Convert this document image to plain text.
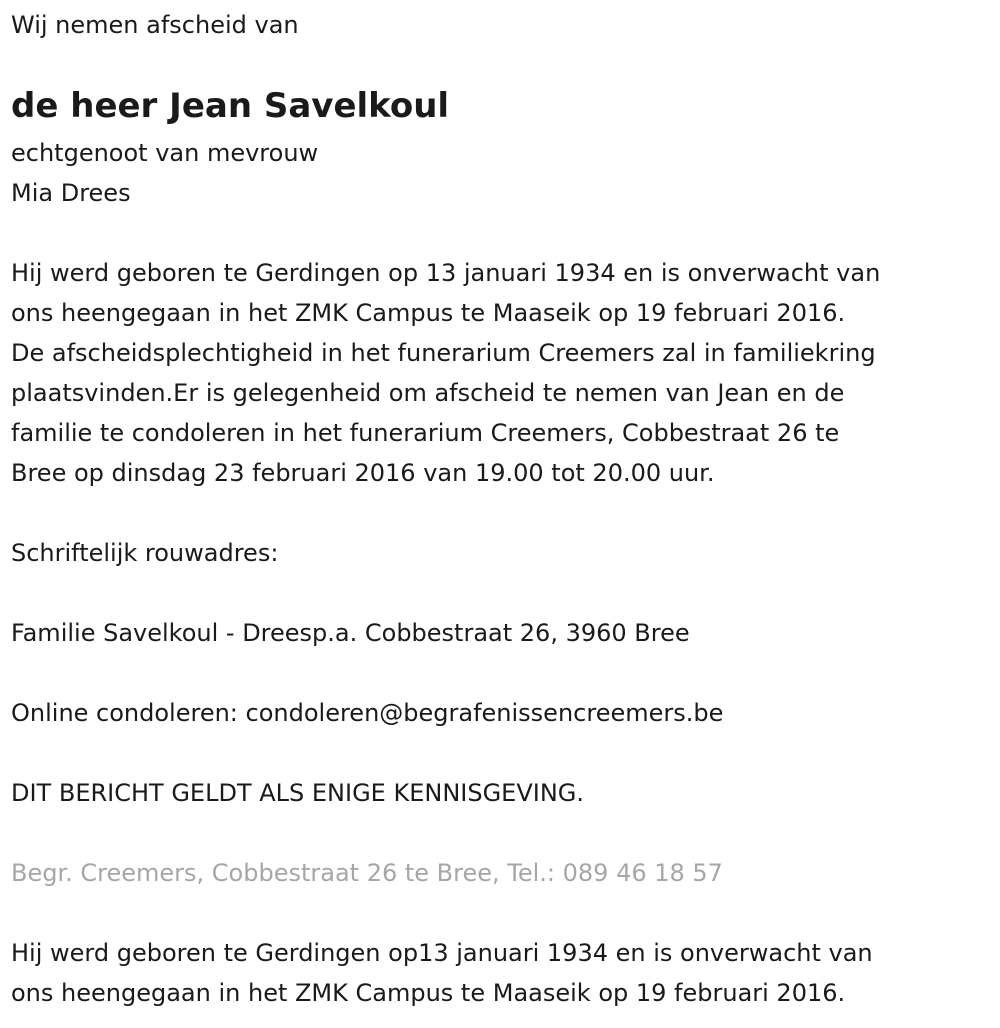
Wij nemen afscheid van

de heer Jean Savelkoul

echtgenoot van mevrouw

Mia Drees

Hij werd geboren te Gerdingen op 13 januari 1934 en is onverwacht van

ons heengegaan in het ZMK Campus te Maaseik op 19 februari 2016.

De afscheidsplechtigheid in het funerarium Creemers zal in familiekring

plaatsvinden.Er is gelegenheid om afscheid te nemen van Jean en de

familie te condoleren in het funerarium Creemers, Cobbestraat 26 te

Bree op dinsdag 23 februari 2016 van 19.00 tot 20.00 uur.

Schriftelijk rouwadres:

Familie Savelkoul - Dreesp.a. Cobbestraat 26, 3960 Bree

Online condoleren: condoleren@begrafenissencreemers.be

DIT BERICHT GELDT ALS ENIGE KENNISGEVING.

Begr. Creemers, Cobbestraat 26 te Bree, Tel.: 089 46 18 57

Hij werd geboren te Gerdingen op13 januari 1934 en is onverwacht van

ons heengegaan in het ZMK Campus te Maaseik op 19 februari 2016.
